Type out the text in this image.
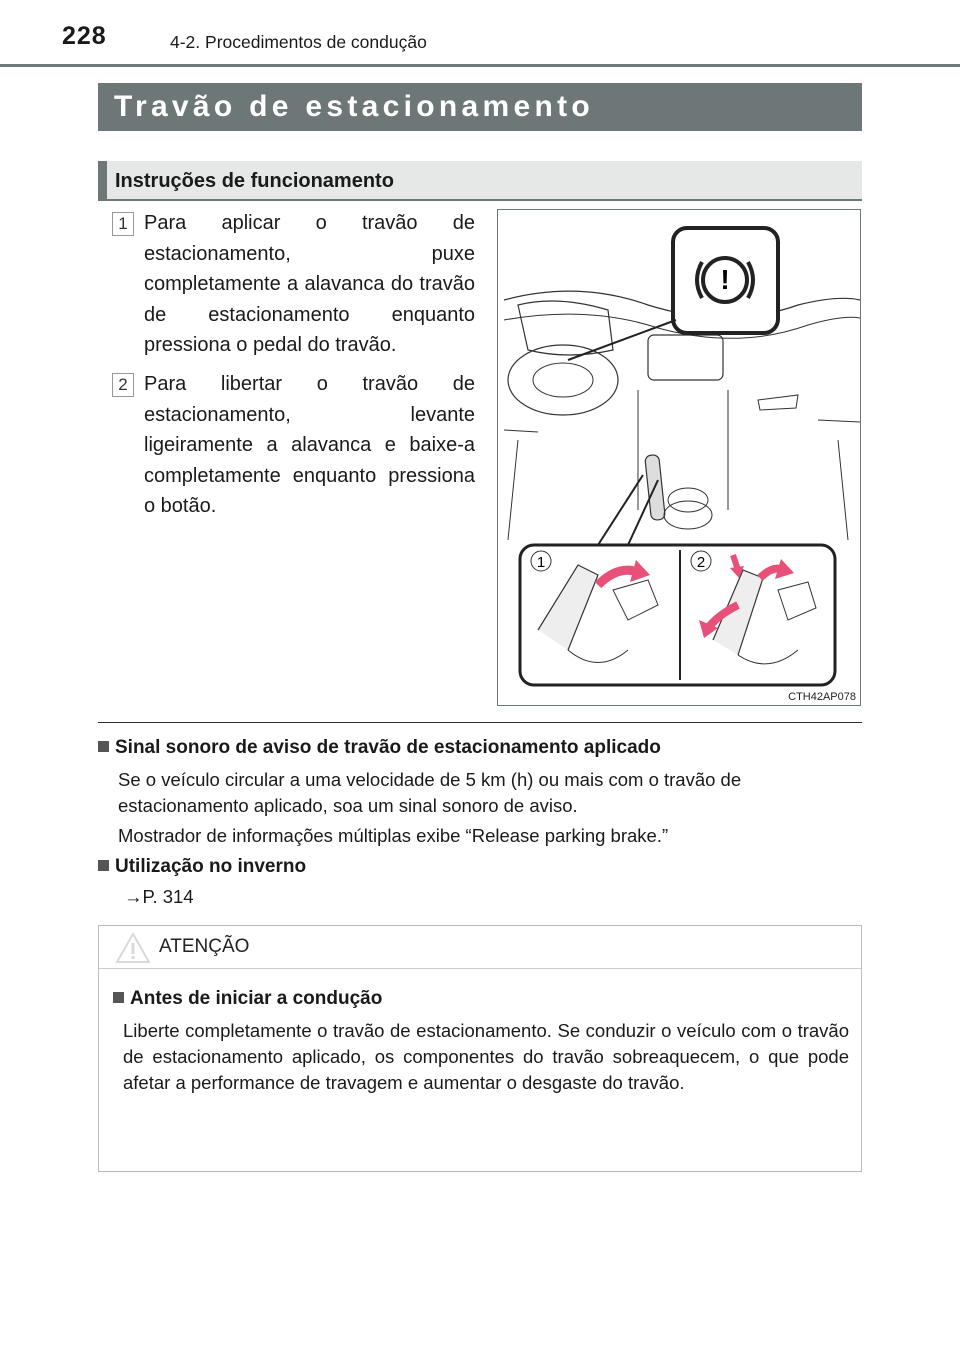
228	4-2. Procedimentos de condução
Travão de estacionamento
Instruções de funcionamento
1 Para aplicar o travão de estacionamento, puxe completamente a alavanca do travão de estacionamento enquanto pressiona o pedal do travão.
2 Para libertar o travão de estacionamento, levante ligeiramente a alavanca e baixe-a completamente enquanto pressiona o botão.
!
1	2
CTH42AP078
Sinal sonoro de aviso de travão de estacionamento aplicado
Se o veículo circular a uma velocidade de 5 km (h) ou mais com o travão de estacionamento aplicado, soa um sinal sonoro de aviso.
Mostrador de informações múltiplas exibe “Release parking brake.”
Utilização no inverno
→P. 314
ATENÇÃO
Antes de iniciar a condução
Liberte completamente o travão de estacionamento. Se conduzir o veículo com o travão de estacionamento aplicado, os componentes do travão sobreaquecem, o que pode afetar a performance de travagem e aumentar o desgaste do travão.
